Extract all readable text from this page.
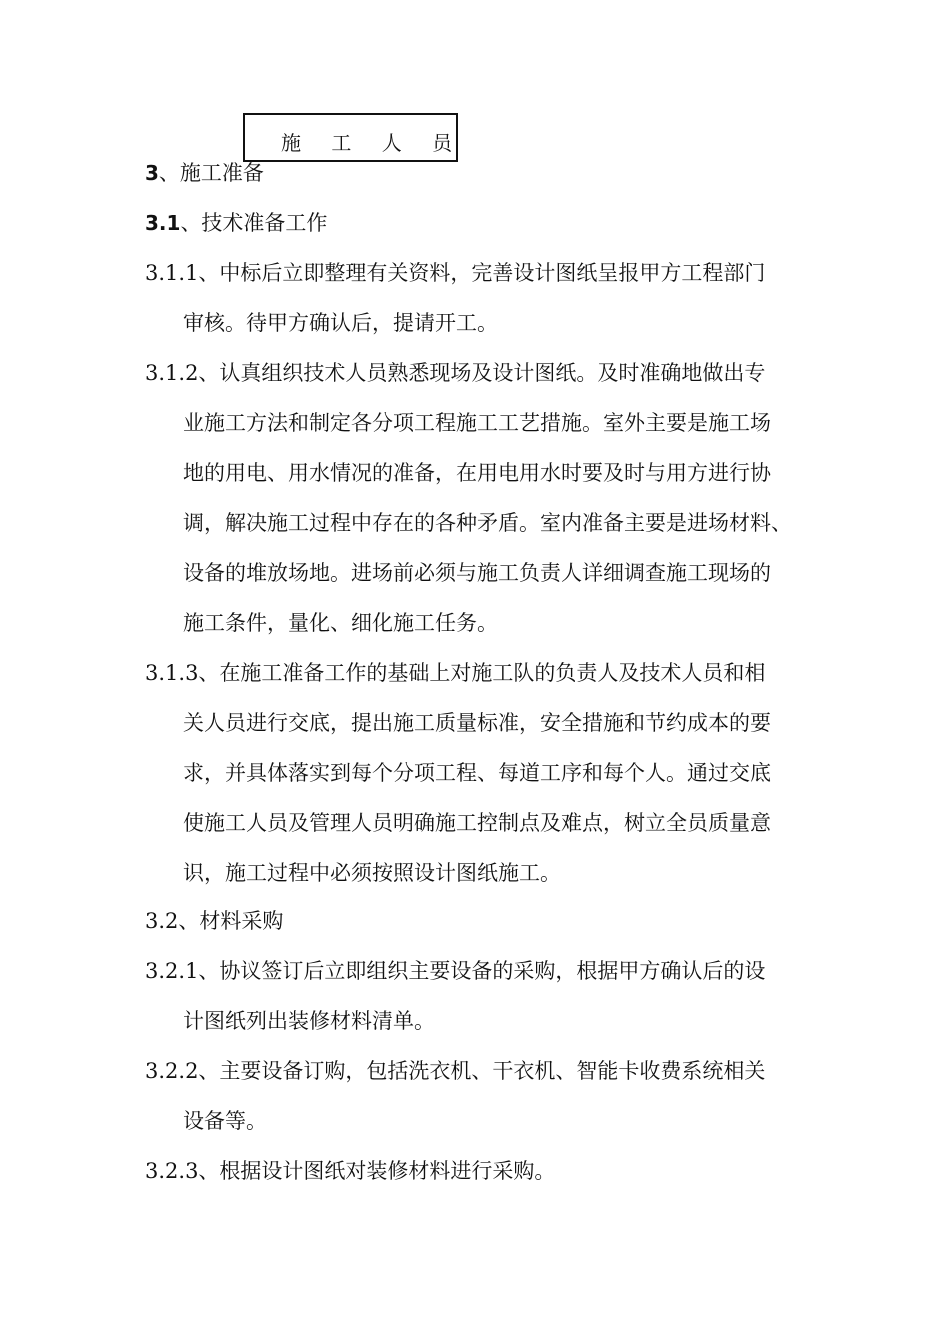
施 工 人 员
3、施工准备
3.1、技术准备工作
3.1.1、中标后立即整理有关资料，完善设计图纸呈报甲方工程部门
审核。待甲方确认后，提请开工。
3.1.2、认真组织技术人员熟悉现场及设计图纸。及时准确地做出专
业施工方法和制定各分项工程施工工艺措施。室外主要是施工场
地的用电、用水情况的准备，在用电用水时要及时与用方进行协
调，解决施工过程中存在的各种矛盾。室内准备主要是进场材料、
设备的堆放场地。进场前必须与施工负责人详细调查施工现场的
施工条件，量化、细化施工任务。
3.1.3、在施工准备工作的基础上对施工队的负责人及技术人员和相
关人员进行交底，提出施工质量标准，安全措施和节约成本的要
求，并具体落实到每个分项工程、每道工序和每个人。通过交底
使施工人员及管理人员明确施工控制点及难点，树立全员质量意
识，施工过程中必须按照设计图纸施工。
3.2、材料采购
3.2.1、协议签订后立即组织主要设备的采购，根据甲方确认后的设
计图纸列出装修材料清单。
3.2.2、主要设备订购，包括洗衣机、干衣机、智能卡收费系统相关
设备等。
3.2.3、根据设计图纸对装修材料进行采购。
